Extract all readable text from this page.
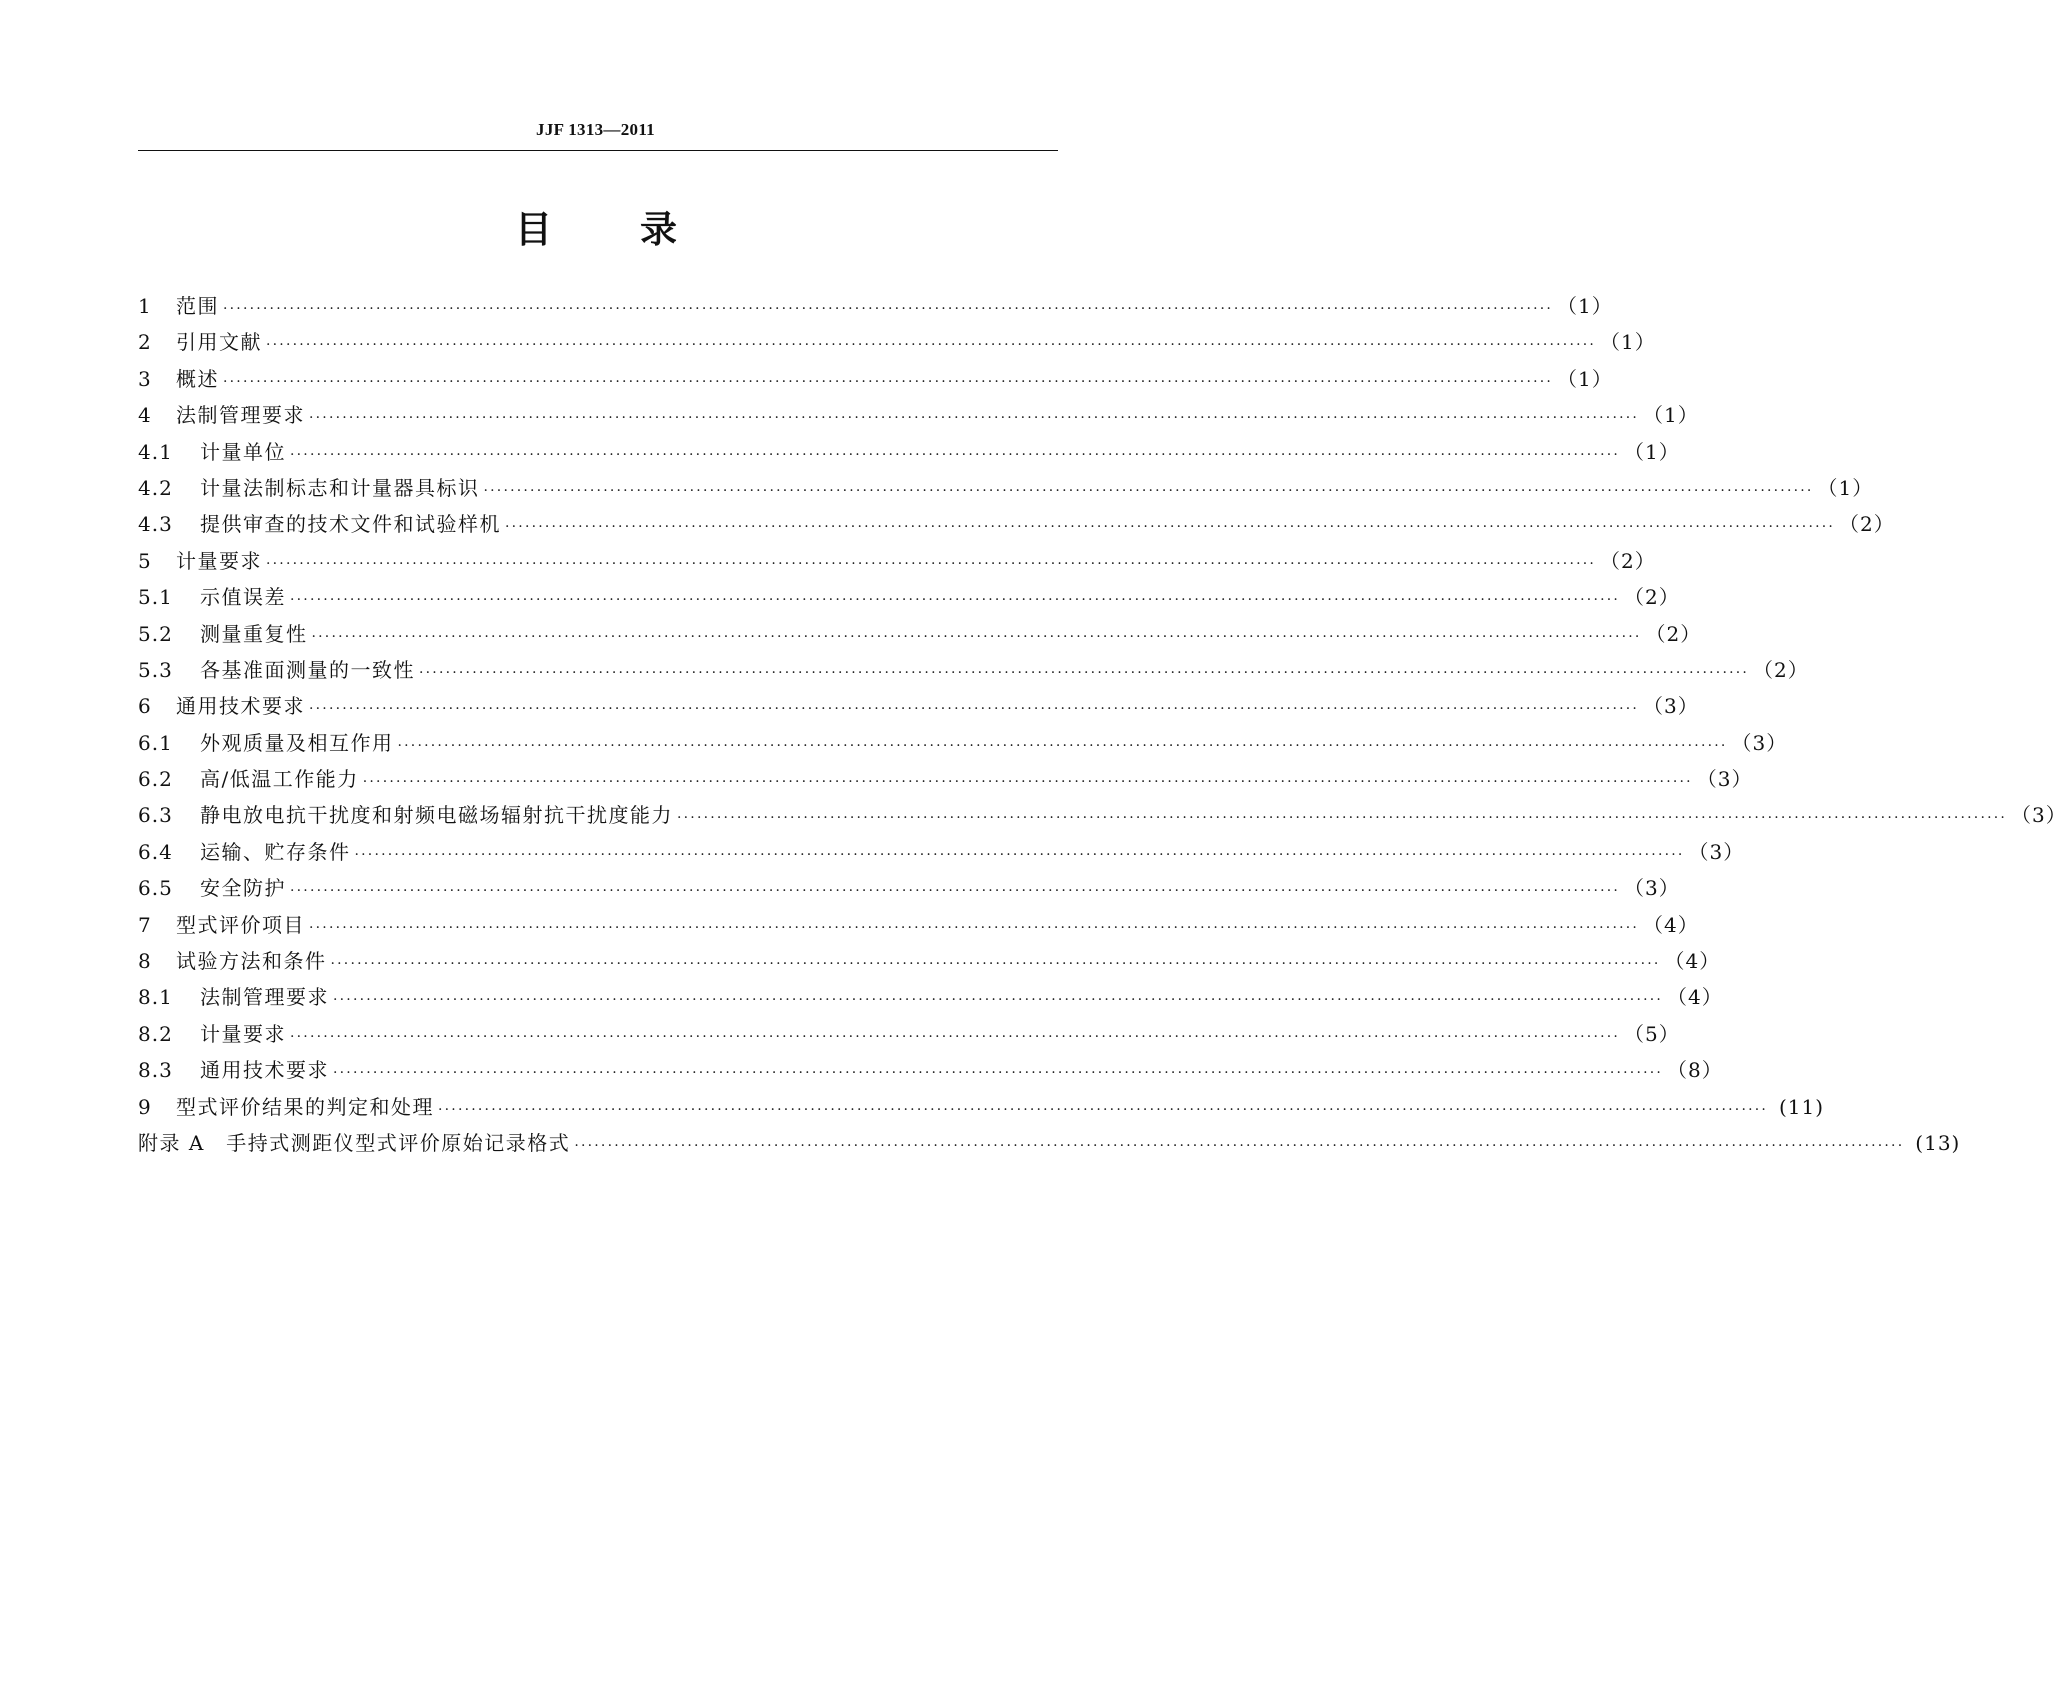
JJF 1313—2011
目 录
1	范围 ········································································································································································································ （1）
2	引用文献 ········································································································································································································ （1）
3	概述 ········································································································································································································ （1）
4	法制管理要求 ········································································································································································································ （1）
4.1	计量单位 ········································································································································································································ （1）
4.2	计量法制标志和计量器具标识 ········································································································································································································ （1）
4.3	提供审查的技术文件和试验样机 ········································································································································································································ （2）
5	计量要求 ········································································································································································································ （2）
5.1	示值误差 ········································································································································································································ （2）
5.2	测量重复性 ········································································································································································································ （2）
5.3	各基准面测量的一致性 ········································································································································································································ （2）
6	通用技术要求 ········································································································································································································ （3）
6.1	外观质量及相互作用 ········································································································································································································ （3）
6.2	高/低温工作能力 ········································································································································································································ （3）
6.3	静电放电抗干扰度和射频电磁场辐射抗干扰度能力 ········································································································································································································ （3）
6.4	运输、贮存条件 ········································································································································································································ （3）
6.5	安全防护 ········································································································································································································ （3）
7	型式评价项目 ········································································································································································································ （4）
8	试验方法和条件 ········································································································································································································ （4）
8.1	法制管理要求 ········································································································································································································ （4）
8.2	计量要求 ········································································································································································································ （5）
8.3	通用技术要求 ········································································································································································································ （8）
9	型式评价结果的判定和处理 ········································································································································································································ (11)
附录 A　手持式测距仪型式评价原始记录格式 ········································································································································································································ (13)
